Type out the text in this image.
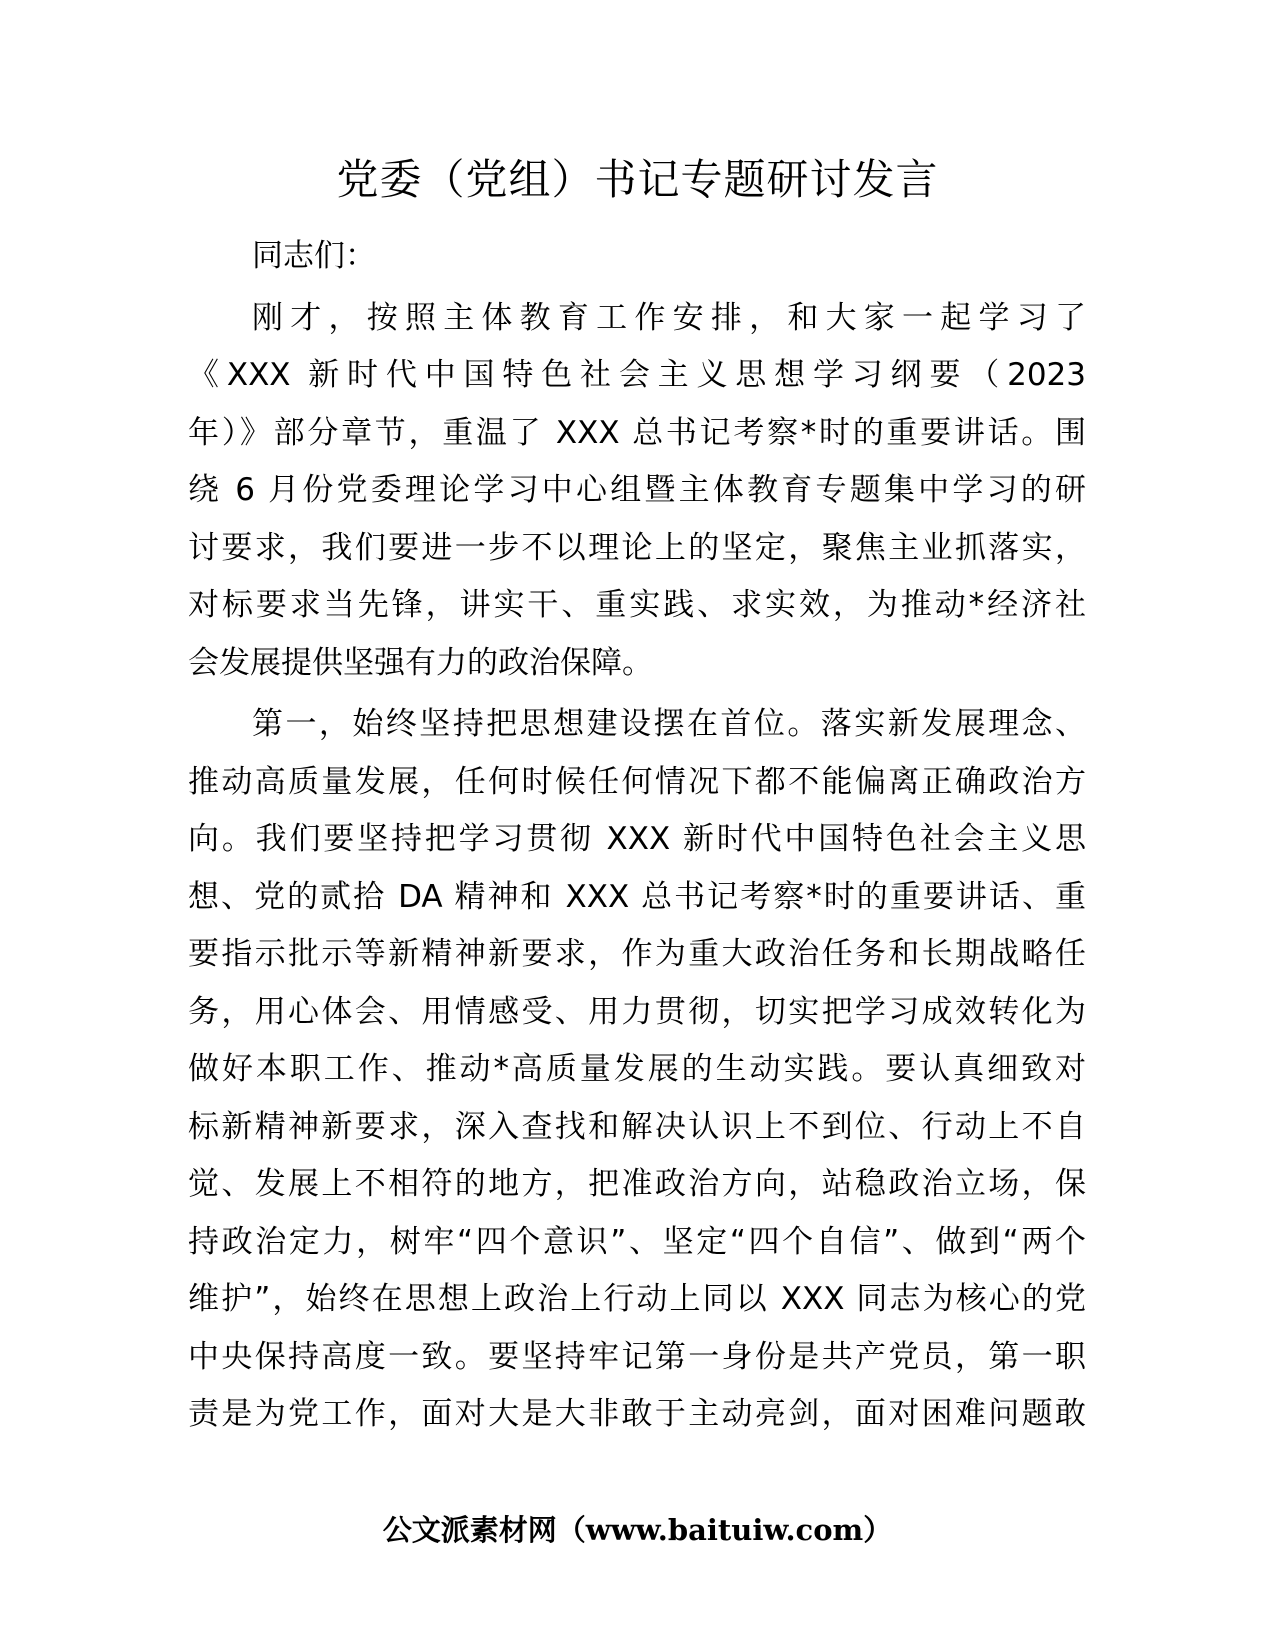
党委（党组）书记专题研讨发言
同志们：
刚才，按照主体教育工作安排，和大家一起学习了
《XXX 新时代中国特色社会主义思想学习纲要（2023
年）》部分章节，重温了 XXX 总书记考察*时的重要讲话。围
绕 6 月份党委理论学习中心组暨主体教育专题集中学习的研
讨要求，我们要进一步不以理论上的坚定，聚焦主业抓落实，
对标要求当先锋，讲实干、重实践、求实效，为推动*经济社
会发展提供坚强有力的政治保障。
第一，始终坚持把思想建设摆在首位。落实新发展理念、
推动高质量发展，任何时候任何情况下都不能偏离正确政治方
向。我们要坚持把学习贯彻 XXX 新时代中国特色社会主义思
想、党的贰拾 DA 精神和 XXX 总书记考察*时的重要讲话、重
要指示批示等新精神新要求，作为重大政治任务和长期战略任
务，用心体会、用情感受、用力贯彻，切实把学习成效转化为
做好本职工作、推动*高质量发展的生动实践。要认真细致对
标新精神新要求，深入查找和解决认识上不到位、行动上不自
觉、发展上不相符的地方，把准政治方向，站稳政治立场，保
持政治定力，树牢“四个意识”、坚定“四个自信”、做到“两个
维护”，始终在思想上政治上行动上同以 XXX 同志为核心的党
中央保持高度一致。要坚持牢记第一身份是共产党员，第一职
责是为党工作，面对大是大非敢于主动亮剑，面对困难问题敢
公文派素材网（www.baituiw.com）
